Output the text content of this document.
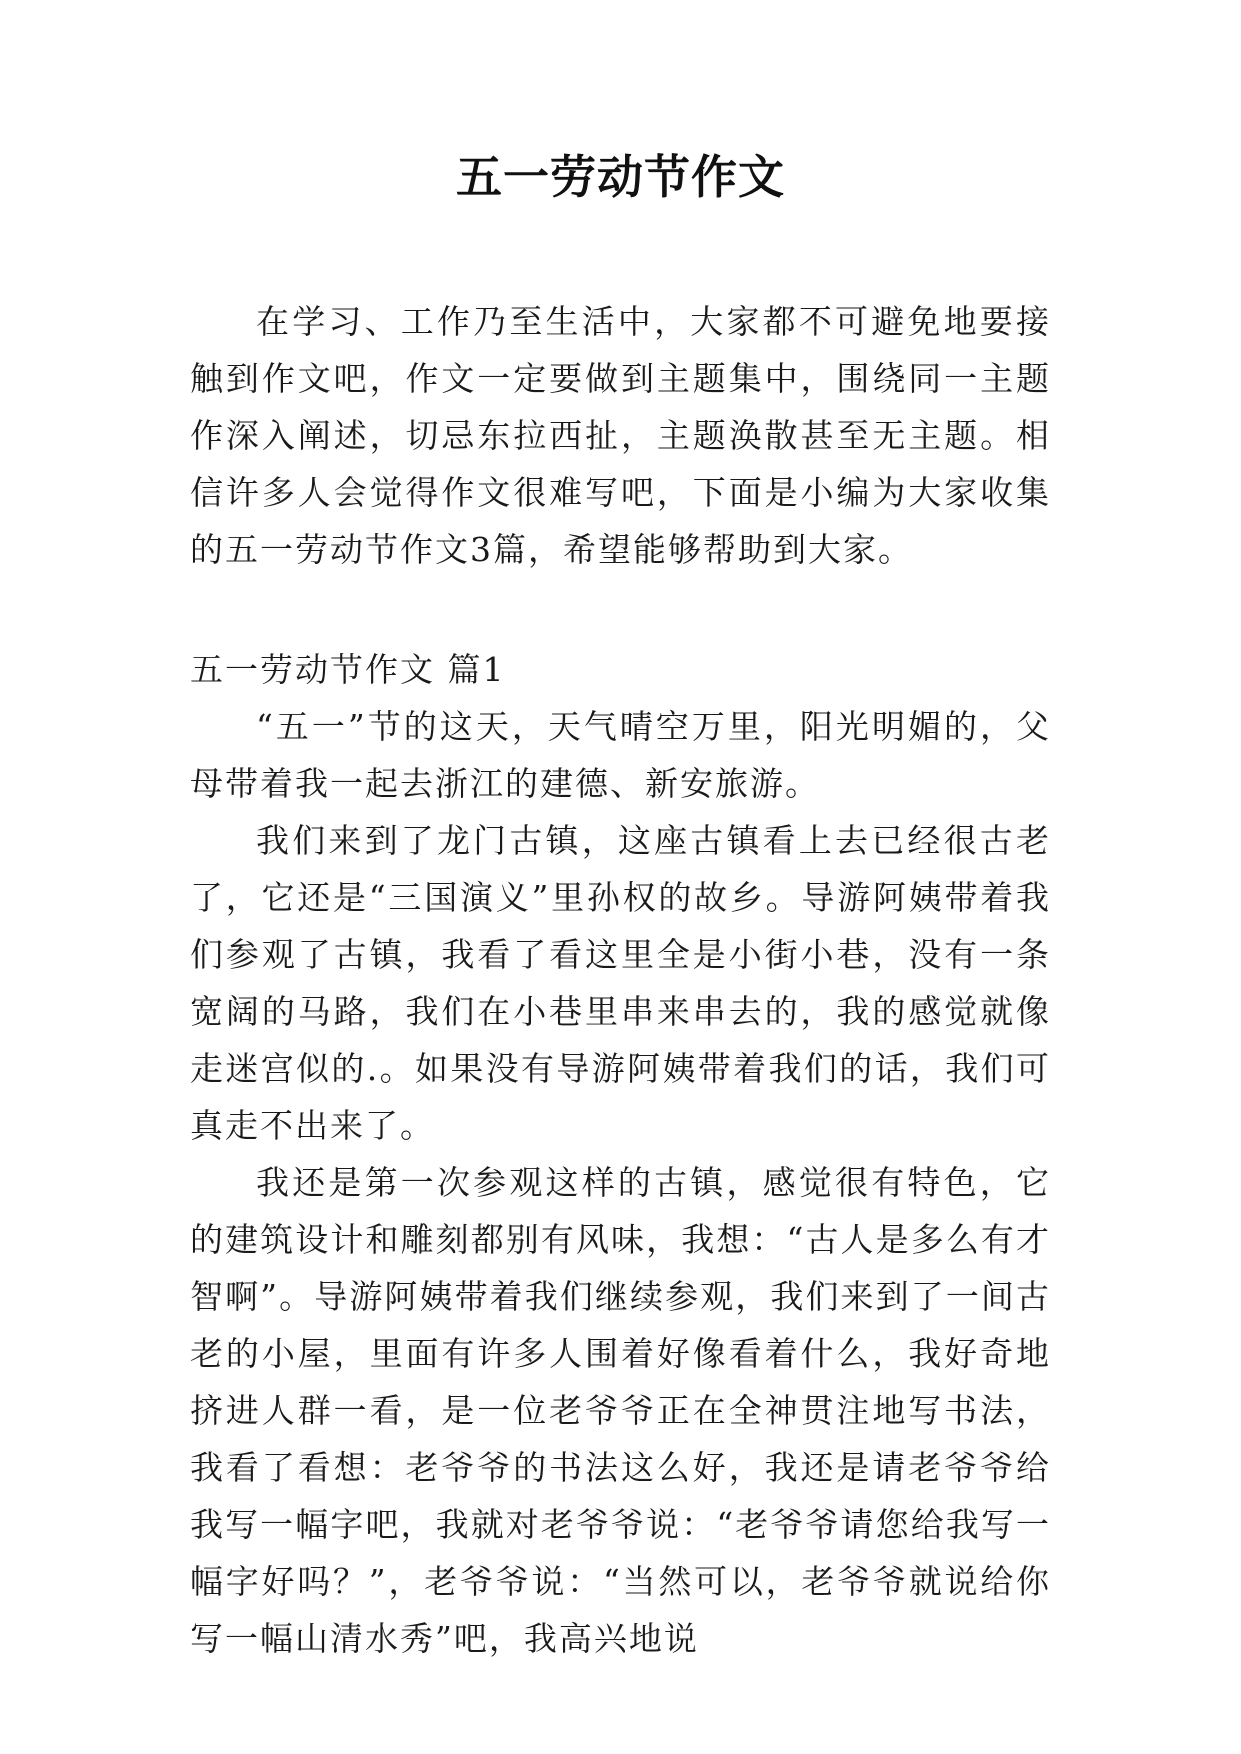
五一劳动节作文

在学习、工作乃至生活中，大家都不可避免地要接触到作文吧，作文一定要做到主题集中，围绕同一主题作深入阐述，切忌东拉西扯，主题涣散甚至无主题。相信许多人会觉得作文很难写吧，下面是小编为大家收集的五一劳动节作文3篇，希望能够帮助到大家。

五一劳动节作文 篇1

“五一”节的这天，天气晴空万里，阳光明媚的，父母带着我一起去浙江的建德、新安旅游。

我们来到了龙门古镇，这座古镇看上去已经很古老了，它还是“三国演义”里孙权的故乡。导游阿姨带着我们参观了古镇，我看了看这里全是小街小巷，没有一条宽阔的马路，我们在小巷里串来串去的，我的感觉就像走迷宫似的.。如果没有导游阿姨带着我们的话，我们可真走不出来了。

我还是第一次参观这样的古镇，感觉很有特色，它的建筑设计和雕刻都别有风味，我想：“古人是多么有才智啊”。导游阿姨带着我们继续参观，我们来到了一间古老的小屋，里面有许多人围着好像看着什么，我好奇地挤进人群一看，是一位老爷爷正在全神贯注地写书法，我看了看想：老爷爷的书法这么好，我还是请老爷爷给我写一幅字吧，我就对老爷爷说：“老爷爷请您给我写一幅字好吗？”，老爷爷说：“当然可以，老爷爷就说给你写一幅山清水秀”吧，我高兴地说
